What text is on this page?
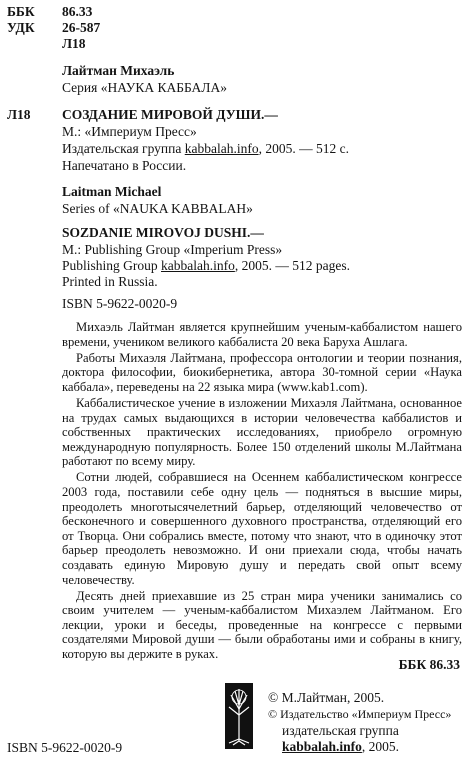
ББК	86.33
УДК	26-587
Л18
Лайтман Михаэль
Серия «НАУКА КАББАЛА»
Л18 СОЗДАНИЕ МИРОВОЙ ДУШИ.—
М.: «Империум Пресс»
Издательская группа kabbalah.info, 2005. — 512 с.
Напечатано в России.
Laitman Michael
Series of «NAUKA KABBALAH»
SOZDANIE MIROVOJ DUSHI.—
M.: Publishing Group «Imperium Press»
Publishing Group kabbalah.info, 2005. — 512 pages.
Printed in Russia.
ISBN 5-9622-0020-9

Михаэль Лайтман является крупнейшим ученым-каббалистом нашего времени, учеником великого каббалиста 20 века Баруха Ашлага.

Работы Михаэля Лайтмана, профессора онтологии и теории познания, доктора философии, биокибернетика, автора 30-томной серии «Наука каббала», переведены на 22 языка мира (www.kab1.com).

Каббалистическое учение в изложении Михаэля Лайтмана, основанное на трудах самых выдающихся в истории человечества каббалистов и собственных практических исследованиях, приобрело огромную международную популярность. Более 150 отделений школы М.Лайтмана работают по всему миру.

Сотни людей, собравшиеся на Осеннем каббалистическом конгрессе 2003 года, поставили себе одну цель — подняться в высшие миры, преодолеть многотысячелетний барьер, отделяющий человечество от бесконечного и совершенного духовного пространства, отделяющий его от Творца. Они собрались вместе, потому что знают, что в одиночку этот барьер преодолеть невозможно. И они приехали сюда, чтобы начать создавать единую Мировую душу и передать свой опыт всему человечеству.

Десять дней приехавшие из 25 стран мира ученики занимались со своим учителем — ученым-каббалистом Михаэлем Лайтманом. Его лекции, уроки и беседы, проведенные на конгрессе с первыми создателями Мировой души — были обработаны ими и собраны в книгу, которую вы держите в руках.

ББК 86.33
© М.Лайтман, 2005.
© Издательство «Империум Пресс»
издательская группа
kabbalah.info, 2005.
ISBN 5-9622-0020-9
